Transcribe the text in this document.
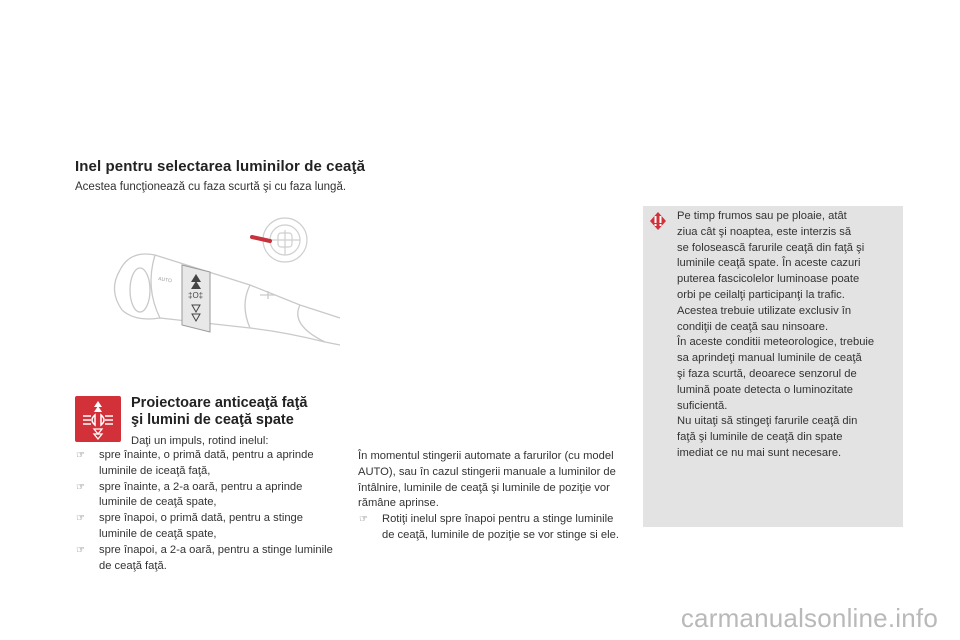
Inel pentru selectarea luminilor de ceaţă
Acestea funcţionează cu faza scurtă şi cu faza lungă.
‡O‡
AUTO
Proiectoare anticeaţă faţă
şi lumini de ceaţă spate
Daţi un impuls, rotind inelul:
☞ spre înainte, o primă dată, pentru a aprinde luminile de iceaţă faţă,
☞ spre înainte, a 2-a oară, pentru a aprinde luminile de ceaţă spate,
☞ spre înapoi, o primă dată, pentru a stinge luminile de ceaţă spate,
☞ spre înapoi, a 2-a oară, pentru a stinge luminile de ceaţă faţă.
În momentul stingerii automate a farurilor (cu model AUTO), sau în cazul stingerii manuale a luminilor de întâlnire, luminile de ceaţă şi luminile de poziţie vor rămâne aprinse.
☞ Rotiţi inelul spre înapoi pentru a stinge luminile de ceaţă, luminile de poziţie se vor stinge si ele.
Pe timp frumos sau pe ploaie, atât
ziua cât şi noaptea, este interzis să
se folosească farurile ceaţă din faţă şi
luminile ceaţă spate. În aceste cazuri
puterea fascicolelor luminoase poate
orbi pe ceilalţi participanţi la trafic.
Acestea trebuie utilizate exclusiv în
condiţii de ceaţă sau ninsoare.
În aceste conditii meteorologice, trebuie
sa aprindeţi manual luminile de ceaţă
şi faza scurtă, deoarece senzorul de
lumină poate detecta o luminozitate
suficientă.
Nu uitaţi să stingeţi farurile ceaţă din
faţă şi luminile de ceaţă din spate
imediat ce nu mai sunt necesare.
carmanualsonline.info
